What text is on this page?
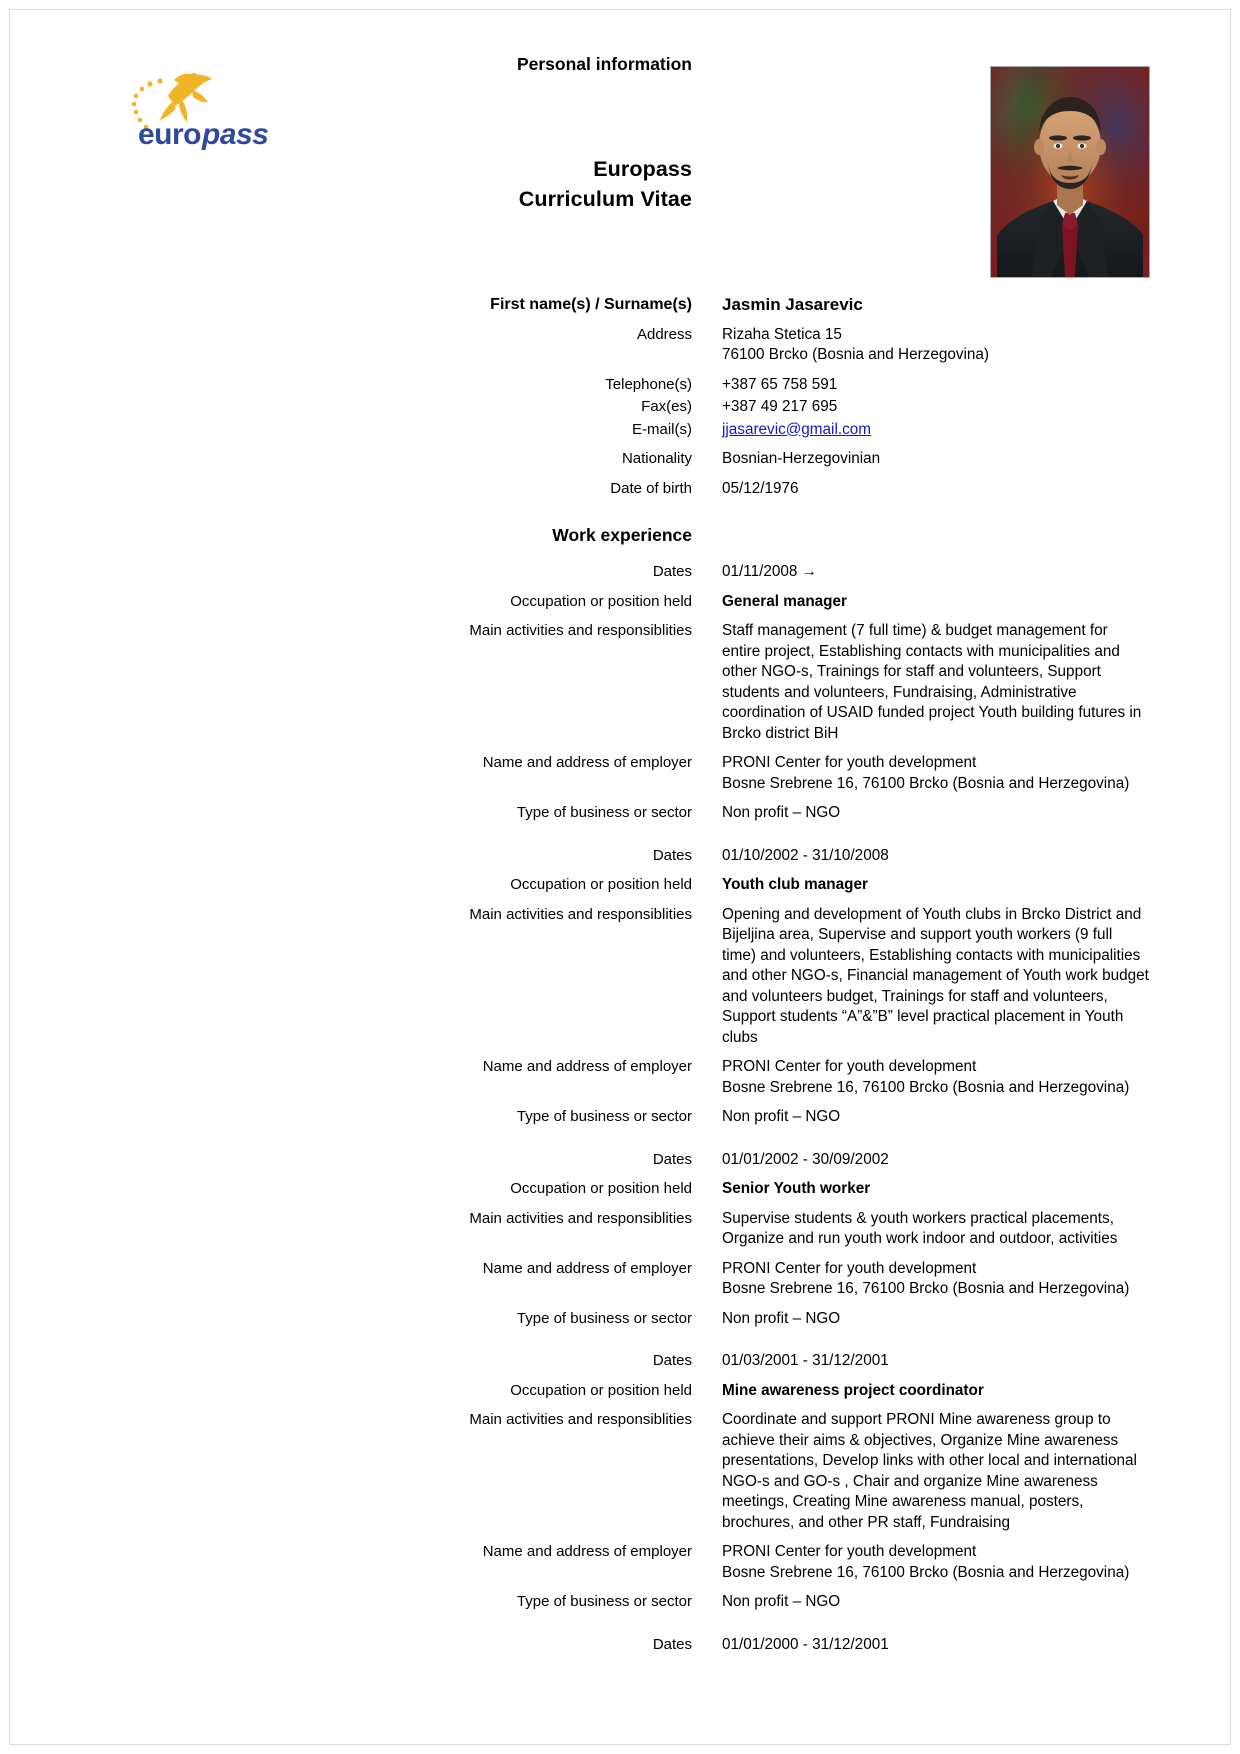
euro pass
Europass
Curriculum Vitae
Personal information
First name(s) / Surname(s)	Jasmin Jasarevic
Address	Rizaha Stetica 15
76100 Brcko (Bosnia and Herzegovina)
Telephone(s)	+387 65 758 591
Fax(es)	+387 49 217 695
E-mail(s)	jjasarevic@gmail.com
Nationality	Bosnian-Herzegovinian
Date of birth	05/12/1976
Work experience
Dates	01/11/2008 →
Occupation or position held	General manager
Main activities and responsiblities	Staff management (7 full time) & budget management for entire project, Establishing contacts with municipalities and other NGO-s, Trainings for staff and volunteers, Support students and volunteers, Fundraising, Administrative coordination of USAID funded project Youth building futures in Brcko district BiH
Name and address of employer	PRONI Center for youth development
Bosne Srebrene 16, 76100 Brcko (Bosnia and Herzegovina)
Type of business or sector	Non profit – NGO
Dates	01/10/2002 - 31/10/2008
Occupation or position held	Youth club manager
Main activities and responsiblities	Opening and development of Youth clubs in Brcko District and Bijeljina area, Supervise and support youth workers (9 full time) and volunteers, Establishing contacts with municipalities and other NGO-s, Financial management of Youth work budget and volunteers budget, Trainings for staff and volunteers, Support students “A”&”B” level practical placement in Youth clubs
Name and address of employer	PRONI Center for youth development
Bosne Srebrene 16, 76100 Brcko (Bosnia and Herzegovina)
Type of business or sector	Non profit – NGO
Dates	01/01/2002 - 30/09/2002
Occupation or position held	Senior Youth worker
Main activities and responsiblities	Supervise students & youth workers practical placements, Organize and run youth work indoor and outdoor, activities
Name and address of employer	PRONI Center for youth development
Bosne Srebrene 16, 76100 Brcko (Bosnia and Herzegovina)
Type of business or sector	Non profit – NGO
Dates	01/03/2001 - 31/12/2001
Occupation or position held	Mine awareness project coordinator
Main activities and responsiblities	Coordinate and support PRONI Mine awareness group to achieve their aims & objectives, Organize Mine awareness presentations, Develop links with other local and international NGO-s and GO-s , Chair and organize Mine awareness meetings, Creating Mine awareness manual, posters, brochures, and other PR staff, Fundraising
Name and address of employer	PRONI Center for youth development
Bosne Srebrene 16, 76100 Brcko (Bosnia and Herzegovina)
Type of business or sector	Non profit – NGO
Dates	01/01/2000 - 31/12/2001
